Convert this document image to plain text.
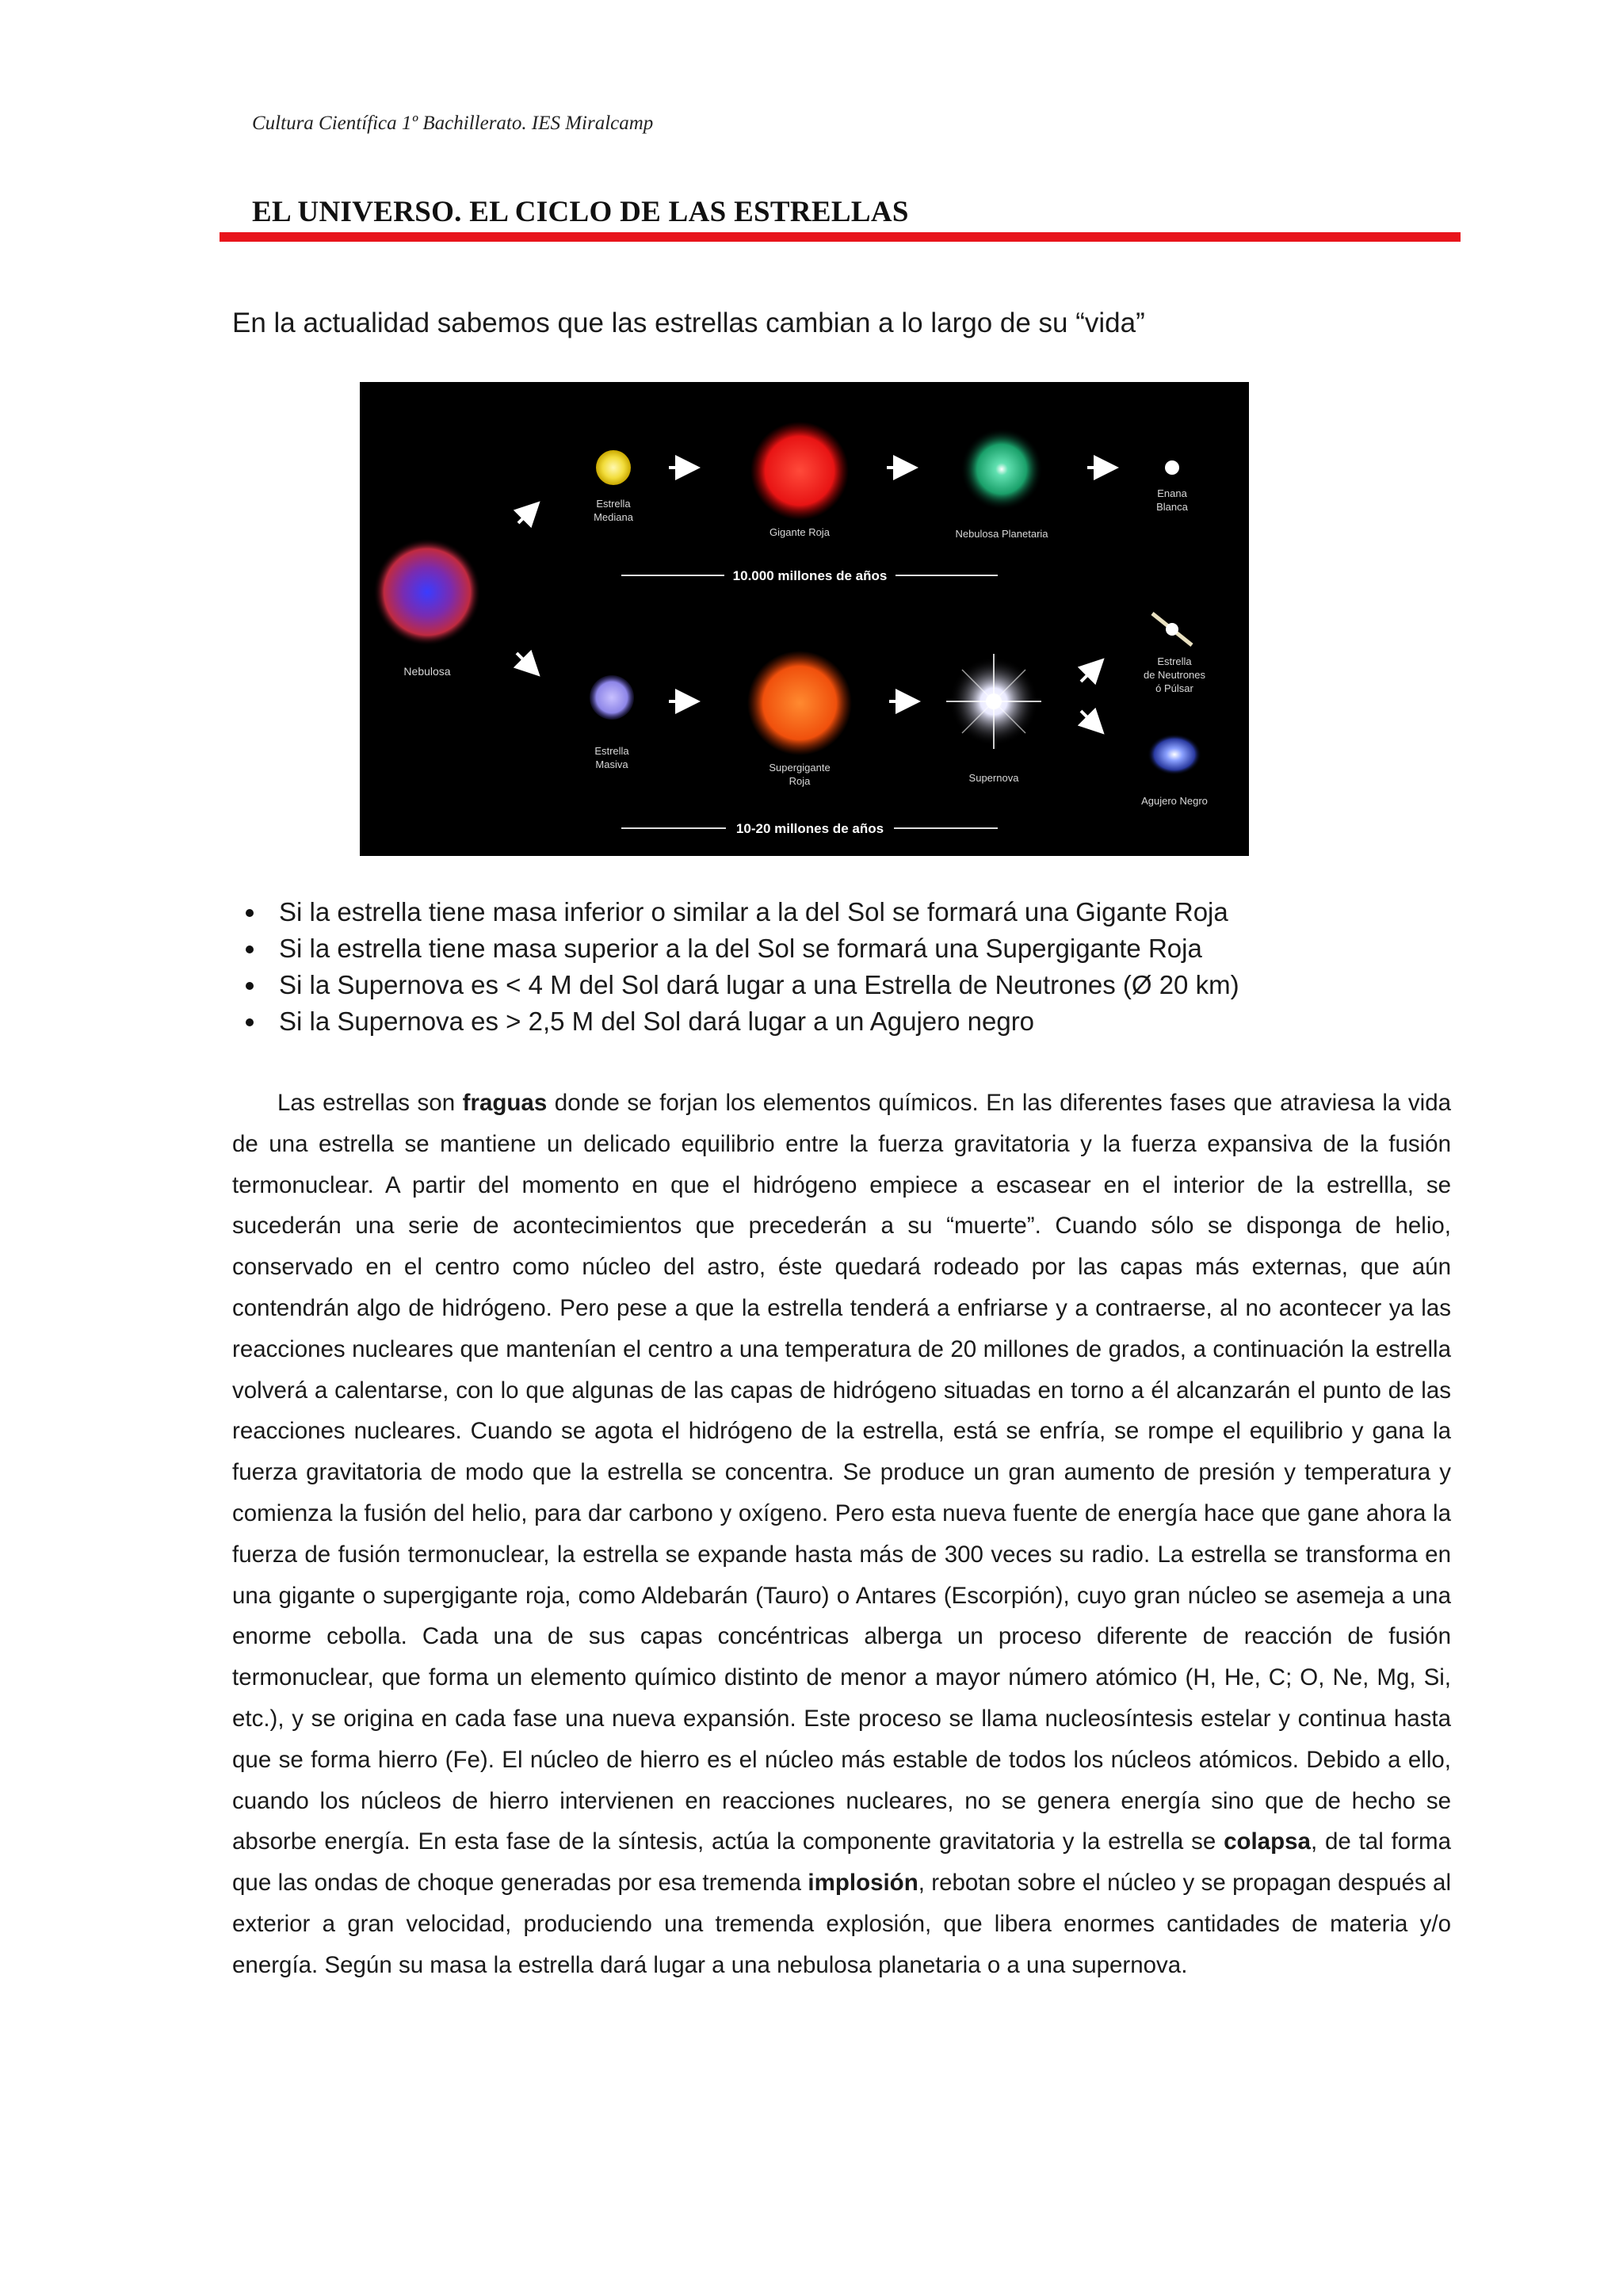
Cultura Científica 1º Bachillerato. IES Miralcamp
EL UNIVERSO. EL CICLO DE LAS ESTRELLAS
En la actualidad sabemos que las estrellas cambian a lo largo de su “vida”
Nebulosa
Estrella
Mediana
Gigante Roja	Nebulosa Planetaria
Enana
Blanca
10.000 millones de años
Estrella
Masiva	Supergigante
Roja	Supernova
Estrella
de Neutrones
ó Púlsar
Agujero Negro
10-20 millones de años
Si la estrella tiene masa inferior o similar a la del Sol se formará una Gigante Roja
Si la estrella tiene masa superior a la del Sol se formará una Supergigante Roja
Si la Supernova es < 4 M del Sol dará lugar a una Estrella de Neutrones (Ø 20 km)
Si la Supernova es > 2,5 M del Sol dará lugar a un Agujero negro
Las estrellas son fraguas donde se forjan los elementos químicos. En las diferentes fases que atraviesa la vida de una estrella se mantiene un delicado equilibrio entre la fuerza gravitatoria y la fuerza expansiva de la fusión termonuclear. A partir del momento en que el hidrógeno empiece a escasear en el interior de la estrellla, se sucederán una serie de acontecimientos que precederán a su “muerte”. Cuando sólo se disponga de helio, conservado en el centro como núcleo del astro, éste quedará rodeado por las capas más externas, que aún contendrán algo de hidrógeno. Pero pese a que la estrella tenderá a enfriarse y a contraerse, al no acontecer ya las reacciones nucleares que mantenían el centro a una temperatura de 20 millones de grados, a continuación la estrella volverá a calentarse, con lo que algunas de las capas de hidrógeno situadas en torno a él alcanzarán el punto de las reacciones nucleares. Cuando se agota el hidrógeno de la estrella, está se enfría, se rompe el equilibrio y gana la fuerza gravitatoria de modo que la estrella se concentra. Se produce un gran aumento de presión y temperatura y comienza la fusión del helio, para dar carbono y oxígeno. Pero esta nueva fuente de energía hace que gane ahora la fuerza de fusión termonuclear, la estrella se expande hasta más de 300 veces su radio. La estrella se transforma en una gigante o supergigante roja, como Aldebarán (Tauro) o Antares (Escorpión), cuyo gran núcleo se asemeja a una enorme cebolla. Cada una de sus capas concéntricas alberga un proceso diferente de reacción de fusión termonuclear, que forma un elemento químico distinto de menor a mayor número atómico (H, He, C; O, Ne, Mg, Si, etc.), y se origina en cada fase una nueva expansión. Este proceso se llama nucleosíntesis estelar y continua hasta que se forma hierro (Fe). El núcleo de hierro es el núcleo más estable de todos los núcleos atómicos. Debido a ello, cuando los núcleos de hierro intervienen en reacciones nucleares, no se genera energía sino que de hecho se absorbe energía. En esta fase de la síntesis, actúa la componente gravitatoria y la estrella se colapsa, de tal forma que las ondas de choque generadas por esa tremenda implosión, rebotan sobre el núcleo y se propagan después al exterior a gran velocidad, produciendo una tremenda explosión, que libera enormes cantidades de materia y/o energía. Según su masa la estrella dará lugar a una nebulosa planetaria o a una supernova.
